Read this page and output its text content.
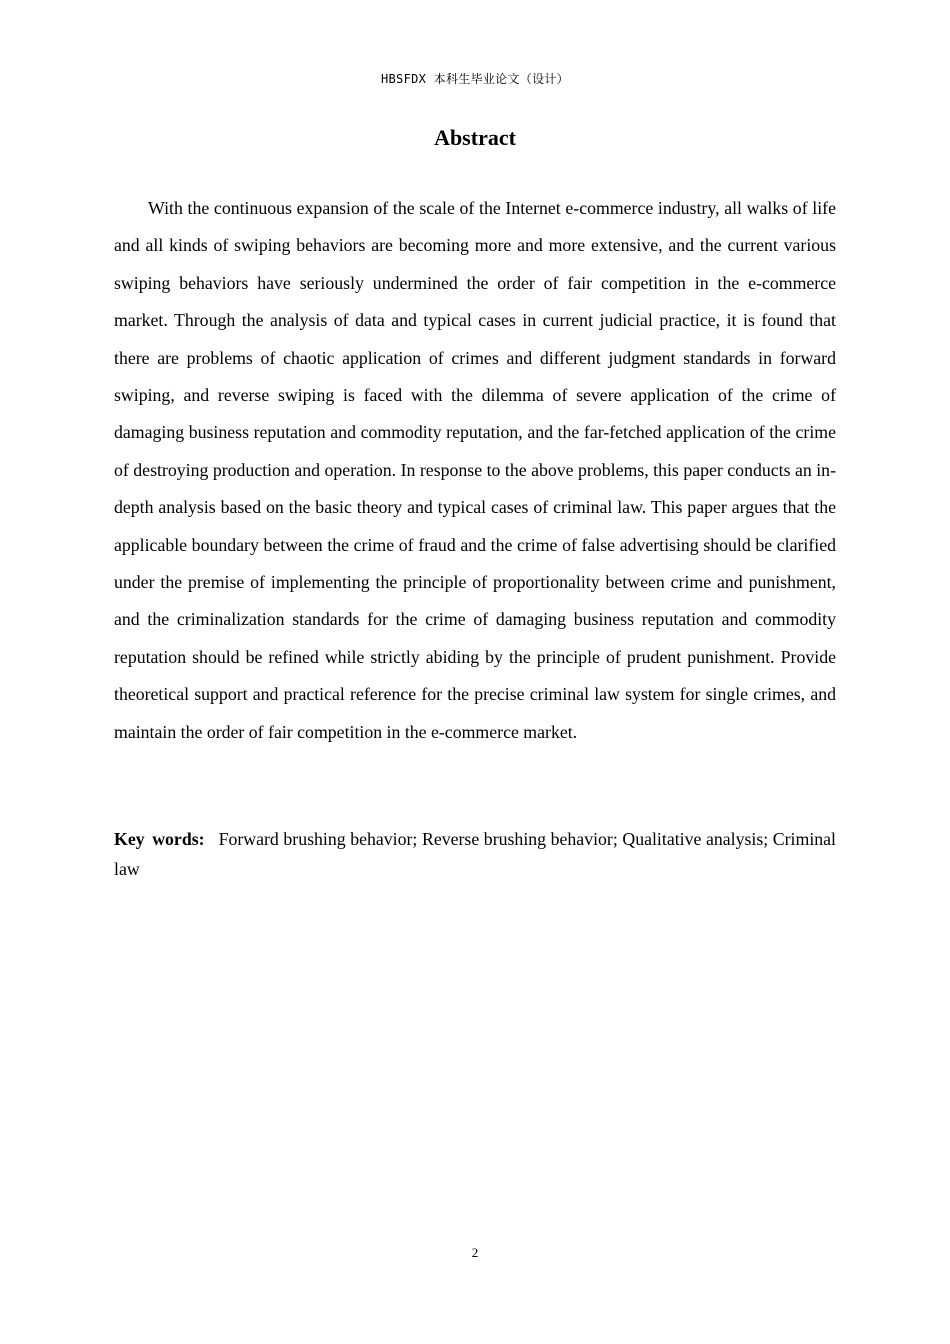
HBSFDX 本科生毕业论文（设计）
Abstract

With the continuous expansion of the scale of the Internet e-commerce industry, all walks of life and all kinds of swiping behaviors are becoming more and more extensive, and the current various swiping behaviors have seriously undermined the order of fair competition in the e-commerce market. Through the analysis of data and typical cases in current judicial practice, it is found that there are problems of chaotic application of crimes and different judgment standards in forward swiping, and reverse swiping is faced with the dilemma of severe application of the crime of damaging business reputation and commodity reputation, and the far-fetched application of the crime of destroying production and operation. In response to the above problems, this paper conducts an in-depth analysis based on the basic theory and typical cases of criminal law. This paper argues that the applicable boundary between the crime of fraud and the crime of false advertising should be clarified under the premise of implementing the principle of proportionality between crime and punishment, and the criminalization standards for the crime of damaging business reputation and commodity reputation should be refined while strictly abiding by the principle of prudent punishment. Provide theoretical support and practical reference for the precise criminal law system for single crimes, and maintain the order of fair competition in the e-commerce market.

Key words: Forward brushing behavior; Reverse brushing behavior; Qualitative analysis; Criminal law

2
